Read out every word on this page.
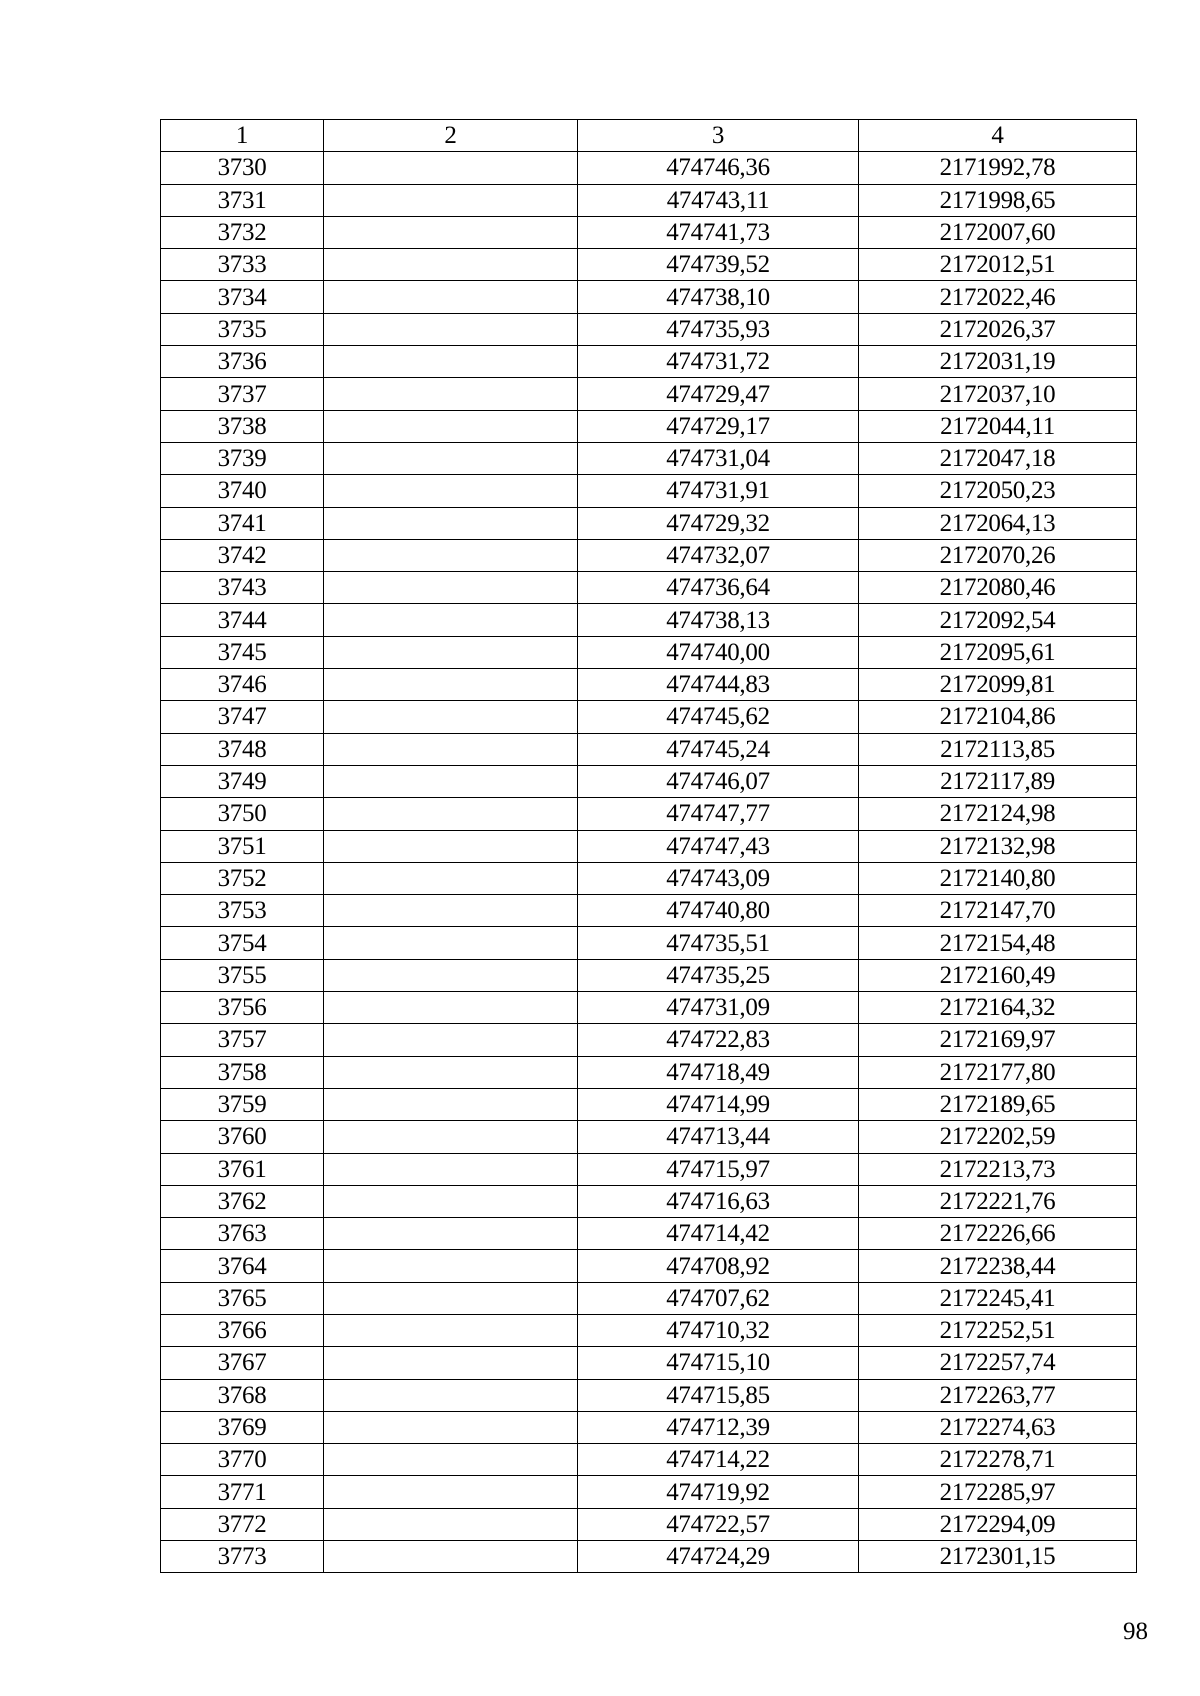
1	2	3	4
3730		474746,36	2171992,78
3731		474743,11	2171998,65
3732		474741,73	2172007,60
3733		474739,52	2172012,51
3734		474738,10	2172022,46
3735		474735,93	2172026,37
3736		474731,72	2172031,19
3737		474729,47	2172037,10
3738		474729,17	2172044,11
3739		474731,04	2172047,18
3740		474731,91	2172050,23
3741		474729,32	2172064,13
3742		474732,07	2172070,26
3743		474736,64	2172080,46
3744		474738,13	2172092,54
3745		474740,00	2172095,61
3746		474744,83	2172099,81
3747		474745,62	2172104,86
3748		474745,24	2172113,85
3749		474746,07	2172117,89
3750		474747,77	2172124,98
3751		474747,43	2172132,98
3752		474743,09	2172140,80
3753		474740,80	2172147,70
3754		474735,51	2172154,48
3755		474735,25	2172160,49
3756		474731,09	2172164,32
3757		474722,83	2172169,97
3758		474718,49	2172177,80
3759		474714,99	2172189,65
3760		474713,44	2172202,59
3761		474715,97	2172213,73
3762		474716,63	2172221,76
3763		474714,42	2172226,66
3764		474708,92	2172238,44
3765		474707,62	2172245,41
3766		474710,32	2172252,51
3767		474715,10	2172257,74
3768		474715,85	2172263,77
3769		474712,39	2172274,63
3770		474714,22	2172278,71
3771		474719,92	2172285,97
3772		474722,57	2172294,09
3773		474724,29	2172301,15
98
